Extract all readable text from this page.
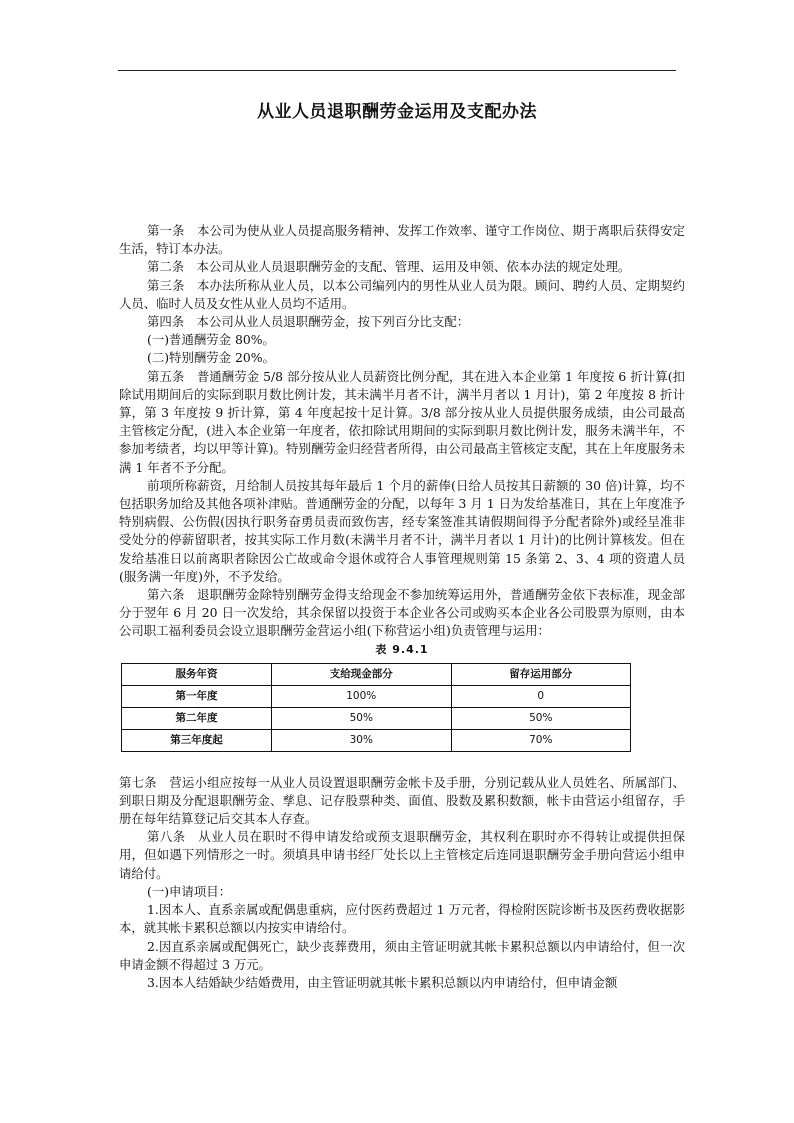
从业人员退职酬劳金运用及支配办法

第一条　本公司为使从业人员提高服务精神、发挥工作效率、谨守工作岗位、期于离职后获得安定生活，特订本办法。

第二条　本公司从业人员退职酬劳金的支配、管理、运用及申领、依本办法的规定处理。

第三条　本办法所称从业人员，以本公司编列内的男性从业人员为限。顾问、聘约人员、定期契约人员、临时人员及女性从业人员均不适用。

第四条　本公司从业人员退职酬劳金，按下列百分比支配：

(一)普通酬劳金 80%。

(二)特别酬劳金 20%。

第五条　普通酬劳金 5/8 部分按从业人员薪资比例分配，其在进入本企业第 1 年度按 6 折计算(扣除试用期间后的实际到职月数比例计发，其未满半月者不计，满半月者以 1 月计)，第 2 年度按 8 折计算，第 3 年度按 9 折计算，第 4 年度起按十足计算。3/8 部分按从业人员提供服务成绩，由公司最高主管核定分配，(进入本企业第一年度者，依扣除试用期间的实际到职月数比例计发，服务未满半年，不参加考绩者，均以甲等计算)。特别酬劳金归经营者所得，由公司最高主管核定支配，其在上年度服务未满 1 年者不予分配。

前项所称薪资，月给制人员按其每年最后 1 个月的薪俸(日给人员按其日薪额的 30 倍)计算，均不包括职务加给及其他各项补津贴。普通酬劳金的分配，以每年 3 月 1 日为发给基准日，其在上年度准予特别病假、公伤假(因执行职务奋勇员责而致伤害，经专案签准其请假期间得予分配者除外)或经呈准非受处分的停薪留职者，按其实际工作月数(未满半月者不计，满半月者以 1 月计)的比例计算核发。但在发给基准日以前离职者除因公亡故或命令退休或符合人事管理规则第 15 条第 2、3、4 项的资遣人员(服务满一年度)外，不予发给。

第六条　退职酬劳金除特别酬劳金得支给现金不参加统筹运用外，普通酬劳金依下表标准，现金部分于翌年 6 月 20 日一次发给，其余保留以投资于本企业各公司或购买本企业各公司股票为原则，由本公司职工福利委员会设立退职酬劳金营运小组(下称营运小组)负责管理与运用：

表 9.4.1
服务年资	支给现金部分	留存运用部分
第一年度	100%	0
第二年度	50%	50%
第三年度起	30%	70%

第七条　营运小组应按每一从业人员设置退职酬劳金帐卡及手册，分别记载从业人员姓名、所属部门、到职日期及分配退职酬劳金、孳息、记存股票种类、面值、股数及累积数额，帐卡由营运小组留存，手册在每年结算登记后交其本人存查。

第八条　从业人员在职时不得申请发给或预支退职酬劳金，其权利在职时亦不得转让或提供担保用，但如遇下列情形之一时。须填具申请书经厂处长以上主管核定后连同退职酬劳金手册向营运小组申请给付。

(一)申请项目：

1.因本人、直系亲属或配偶患重病，应付医药费超过 1 万元者，得检附医院诊断书及医药费收据影本，就其帐卡累积总额以内按实申请给付。

2.因直系亲属或配偶死亡，缺少丧葬费用，须由主管证明就其帐卡累积总额以内申请给付，但一次申请金额不得超过 3 万元。

3.因本人结婚缺少结婚费用，由主管证明就其帐卡累积总额以内申请给付，但申请金额
